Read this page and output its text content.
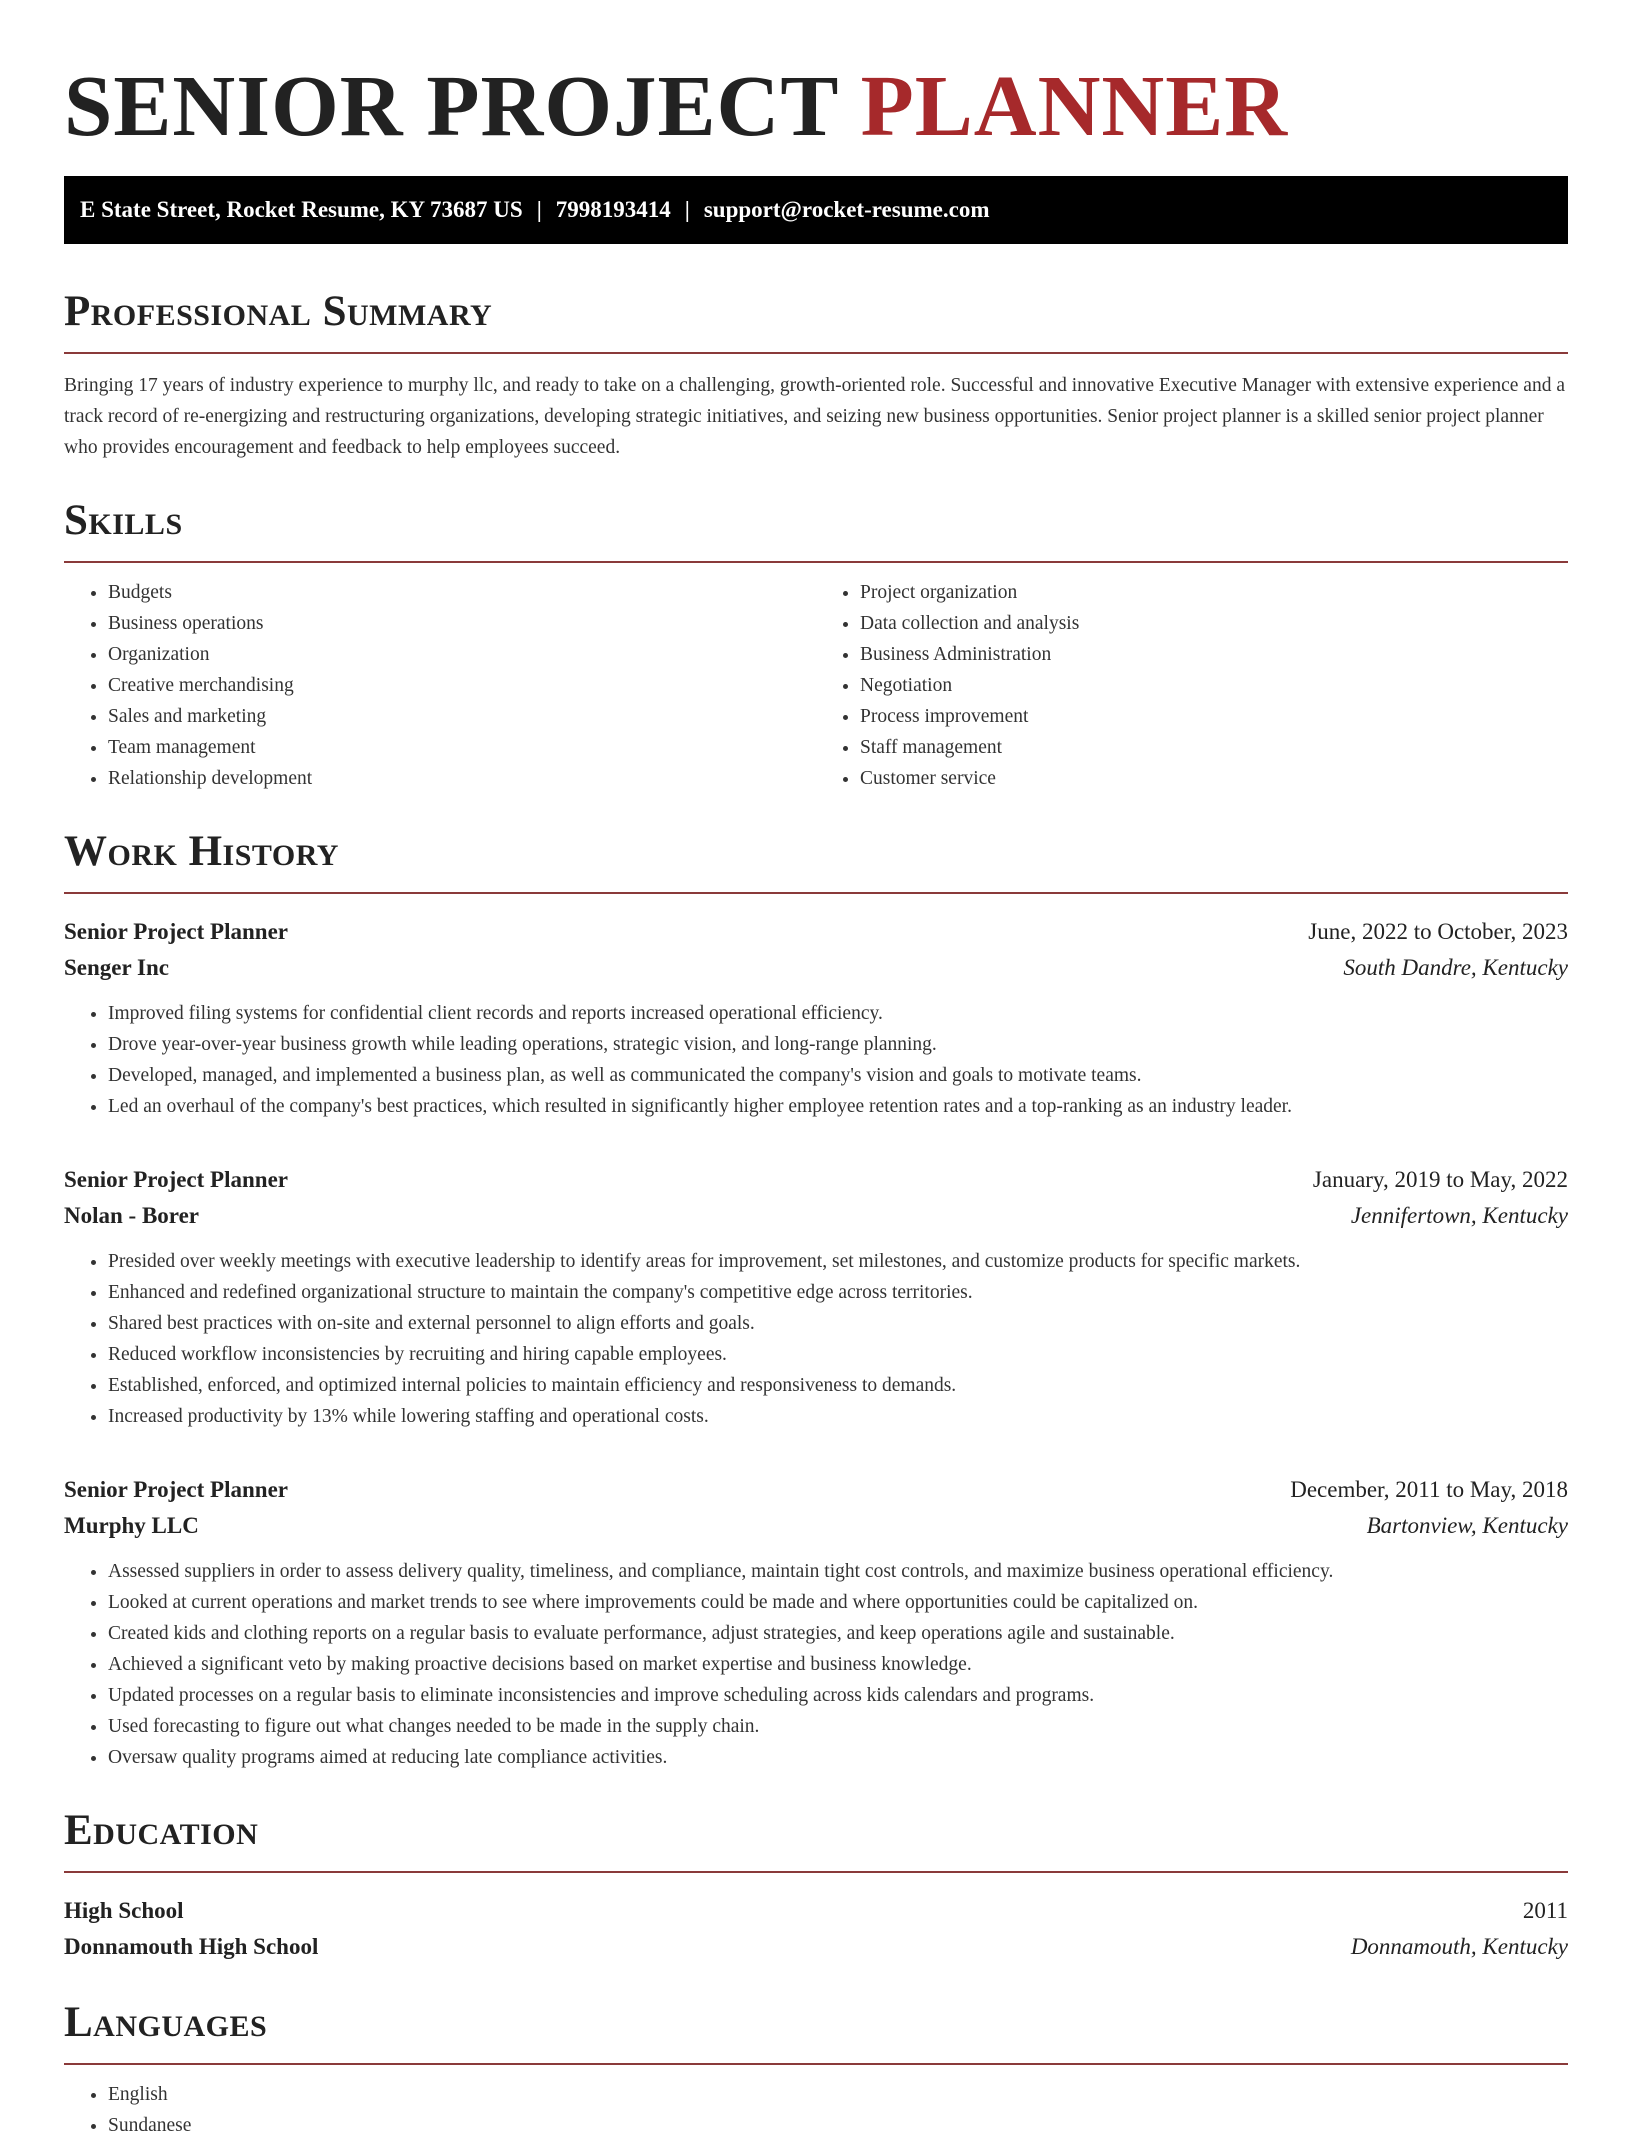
SENIOR PROJECT PLANNER
E State Street, Rocket Resume, KY 73687 US | 7998193414 | support@rocket-resume.com
Professional Summary

Bringing 17 years of industry experience to murphy llc, and ready to take on a challenging, growth-oriented role. Successful and innovative Executive Manager with extensive experience and a track record of re-energizing and restructuring organizations, developing strategic initiatives, and seizing new business opportunities. Senior project planner is a skilled senior project planner who provides encouragement and feedback to help employees succeed.

Skills
• Budgets
• Business operations
• Organization
• Creative merchandising
• Sales and marketing
• Team management
• Relationship development
• Project organization
• Data collection and analysis
• Business Administration
• Negotiation
• Process improvement
• Staff management
• Customer service
Work History
Senior Project Planner	June, 2022 to October, 2023
Senger Inc	South Dandre, Kentucky
• Improved filing systems for confidential client records and reports increased operational efficiency.
• Drove year-over-year business growth while leading operations, strategic vision, and long-range planning.
• Developed, managed, and implemented a business plan, as well as communicated the company's vision and goals to motivate teams.
• Led an overhaul of the company's best practices, which resulted in significantly higher employee retention rates and a top-ranking as an industry leader.
Senior Project Planner	January, 2019 to May, 2022
Nolan - Borer	Jennifertown, Kentucky
• Presided over weekly meetings with executive leadership to identify areas for improvement, set milestones, and customize products for specific markets.
• Enhanced and redefined organizational structure to maintain the company's competitive edge across territories.
• Shared best practices with on-site and external personnel to align efforts and goals.
• Reduced workflow inconsistencies by recruiting and hiring capable employees.
• Established, enforced, and optimized internal policies to maintain efficiency and responsiveness to demands.
• Increased productivity by 13% while lowering staffing and operational costs.
Senior Project Planner	December, 2011 to May, 2018
Murphy LLC	Bartonview, Kentucky
• Assessed suppliers in order to assess delivery quality, timeliness, and compliance, maintain tight cost controls, and maximize business operational efficiency.
• Looked at current operations and market trends to see where improvements could be made and where opportunities could be capitalized on.
• Created kids and clothing reports on a regular basis to evaluate performance, adjust strategies, and keep operations agile and sustainable.
• Achieved a significant veto by making proactive decisions based on market expertise and business knowledge.
• Updated processes on a regular basis to eliminate inconsistencies and improve scheduling across kids calendars and programs.
• Used forecasting to figure out what changes needed to be made in the supply chain.
• Oversaw quality programs aimed at reducing late compliance activities.
Education
High School	2011
Donnamouth High School	Donnamouth, Kentucky
Languages
• English
• Sundanese
